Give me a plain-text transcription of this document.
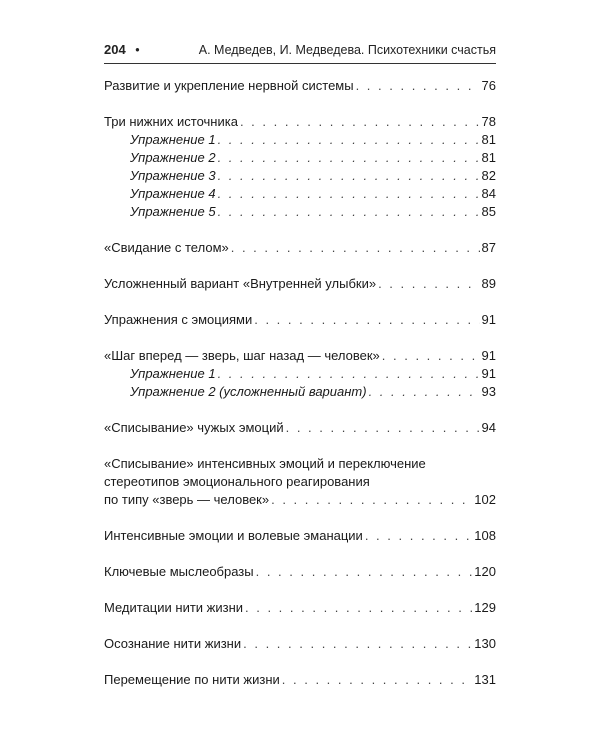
204 •	А. Медведев, И. Медведева. Психотехники счастья
Развитие и укрепление нервной системы . . .	76
Три нижних источника . . .	78
Упражнение 1 . . .	81
Упражнение 2 . . .	81
Упражнение 3 . . .	82
Упражнение 4 . . .	84
Упражнение 5 . . .	85
«Свидание с телом» . . .	87
Усложненный вариант «Внутренней улыбки» . . .	89
Упражнения с эмоциями . . .	91
«Шаг вперед — зверь, шаг назад — человек» . . .	91
Упражнение 1 . . .	91
Упражнение 2 (усложненный вариант) . . .	93
«Списывание» чужых эмоций . . .	94
«Списывание» интенсивных эмоций и переключение
стереотипов эмоционального реагирования
по типу «зверь — человек» . . .	102
Интенсивные эмоции и волевые эманации . . .	108
Ключевые мыслеобразы . . .	120
Медитации нити жизни . . .	129
Осознание нити жизни . . .	130
Перемещение по нити жизни . . .	131
